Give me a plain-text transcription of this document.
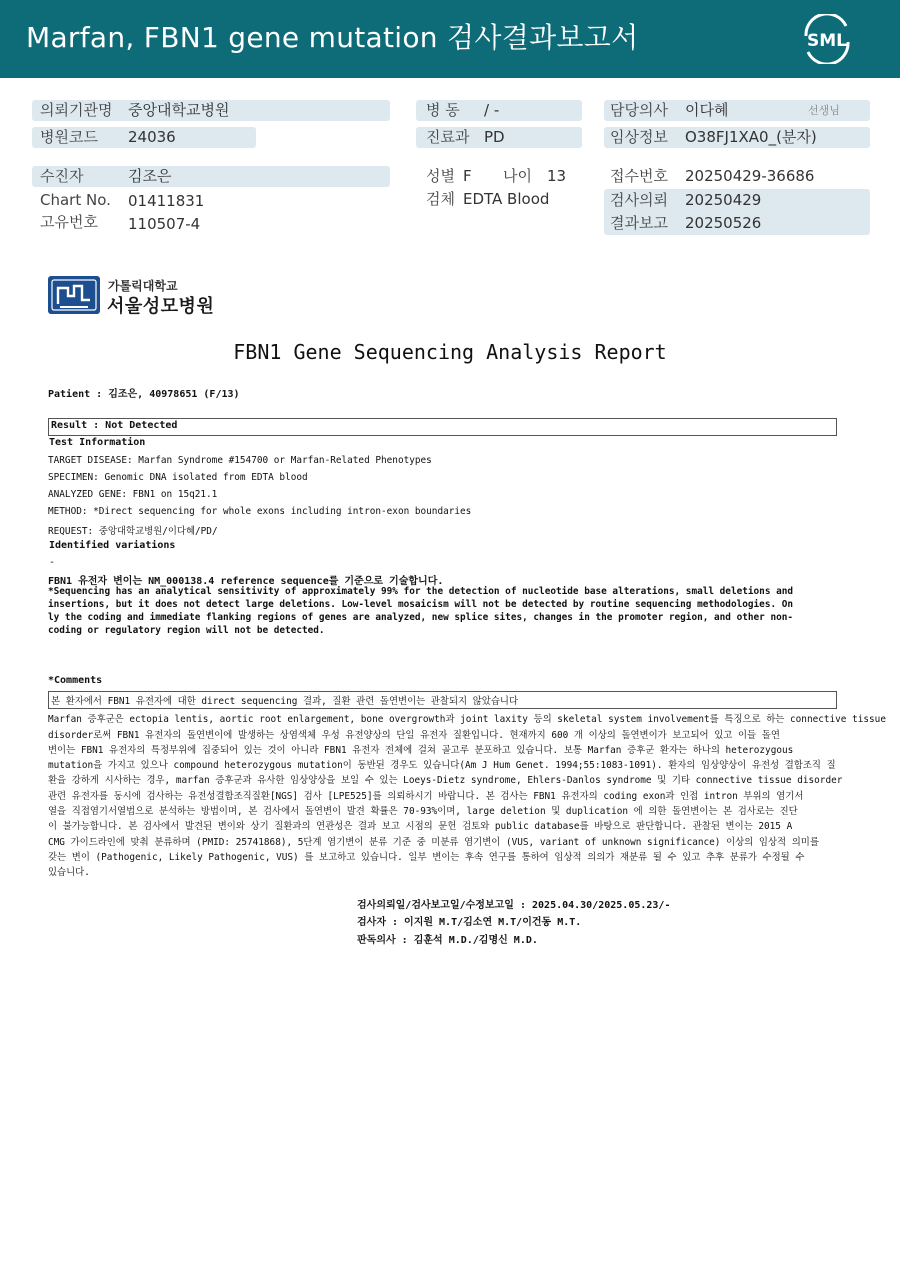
Marfan, FBN1 gene mutation 검사결과보고서	SML
의뢰기관명 중앙대학교병원
병원코드 24036
병 동 / -
진료과 PD
담당의사 이다혜	선생님
임상정보 O38FJ1XA0_(분자)
수진자	김조은
Chart No. 01411831
고유번호 110507-4
성별 F 나이 13
검체 EDTA Blood
접수번호 20250429-36686
검사의뢰 20250429
결과보고 20250526
가톨릭대학교
서울성모병원
FBN1 Gene Sequencing Analysis Report
Patient : 김조은, 40978651 (F/13)
Result : Not Detected
Test Information
TARGET DISEASE: Marfan Syndrome #154700 or Marfan-Related Phenotypes
SPECIMEN: Genomic DNA isolated from EDTA blood
ANALYZED GENE: FBN1 on 15q21.1
METHOD: *Direct sequencing for whole exons including intron-exon boundaries
REQUEST: 중앙대학교병원/이다혜/PD/
Identified variations
-
FBN1 유전자 변이는 NM_000138.4 reference sequence를 기준으로 기술합니다.
*Sequencing has an analytical sensitivity of approximately 99% for the detection of nucleotide base alterations, small deletions and
insertions, but it does not detect large deletions. Low-level mosaicism will not be detected by routine sequencing methodologies. On
ly the coding and immediate flanking regions of genes are analyzed, new splice sites, changes in the promoter region, and other non-
coding or regulatory region will not be detected.
*Comments
본 환자에서 FBN1 유전자에 대한 direct sequencing 결과, 질환 관련 돌연변이는 관찰되지 않았습니다
Marfan 증후군은 ectopia lentis, aortic root enlargement, bone overgrowth과 joint laxity 등의 skeletal system involvement를 특징으로 하는 connective tissue
disorder로써 FBN1 유전자의 돌연변이에 발생하는 상염색체 우성 유전양상의 단일 유전자 질환입니다. 현재까지 600 개 이상의 돌연변이가 보고되어 있고 이들 돌연
변이는 FBN1 유전자의 특정부위에 집중되어 있는 것이 아니라 FBN1 유전자 전체에 걸쳐 골고루 분포하고 있습니다. 보통 Marfan 증후군 환자는 하나의 heterozygous
mutation을 가지고 있으나 compound heterozygous mutation이 동반된 경우도 있습니다(Am J Hum Genet. 1994;55:1083-1091). 환자의 임상양상이 유전성 결합조직 질
환을 강하게 시사하는 경우, marfan 증후군과 유사한 임상양상을 보일 수 있는 Loeys-Dietz syndrome, Ehlers-Danlos syndrome 및 기타 connective tissue disorder
관련 유전자를 동시에 검사하는 유전성결합조직질환[NGS] 검사 [LPE525]를 의뢰하시기 바랍니다. 본 검사는 FBN1 유전자의 coding exon과 인접 intron 부위의 염기서
열을 직접염기서열법으로 분석하는 방법이며, 본 검사에서 돌연변이 발견 확률은 70-93%이며, large deletion 및 duplication 에 의한 돌연변이는 본 검사로는 진단
이 불가능합니다. 본 검사에서 발견된 변이와 상기 질환과의 연관성은 결과 보고 시점의 문헌 검토와 public database를 바탕으로 판단합니다. 관찰된 변이는 2015 A
CMG 가이드라인에 맞춰 분류하며 (PMID: 25741868), 5단계 염기변이 분류 기준 중 미분류 염기변이 (VUS, variant of unknown significance) 이상의 임상적 의미를
갖는 변이 (Pathogenic, Likely Pathogenic, VUS) 를 보고하고 있습니다. 일부 변이는 후속 연구를 통하여 임상적 의의가 재분류 될 수 있고 추후 분류가 수정될 수
있습니다.
검사의뢰일/검사보고일/수정보고일 : 2025.04.30/2025.05.23/-
검사자 : 이지원 M.T/김소연 M.T/이건동 M.T.
판독의사 : 김훈석 M.D./김명신 M.D.
